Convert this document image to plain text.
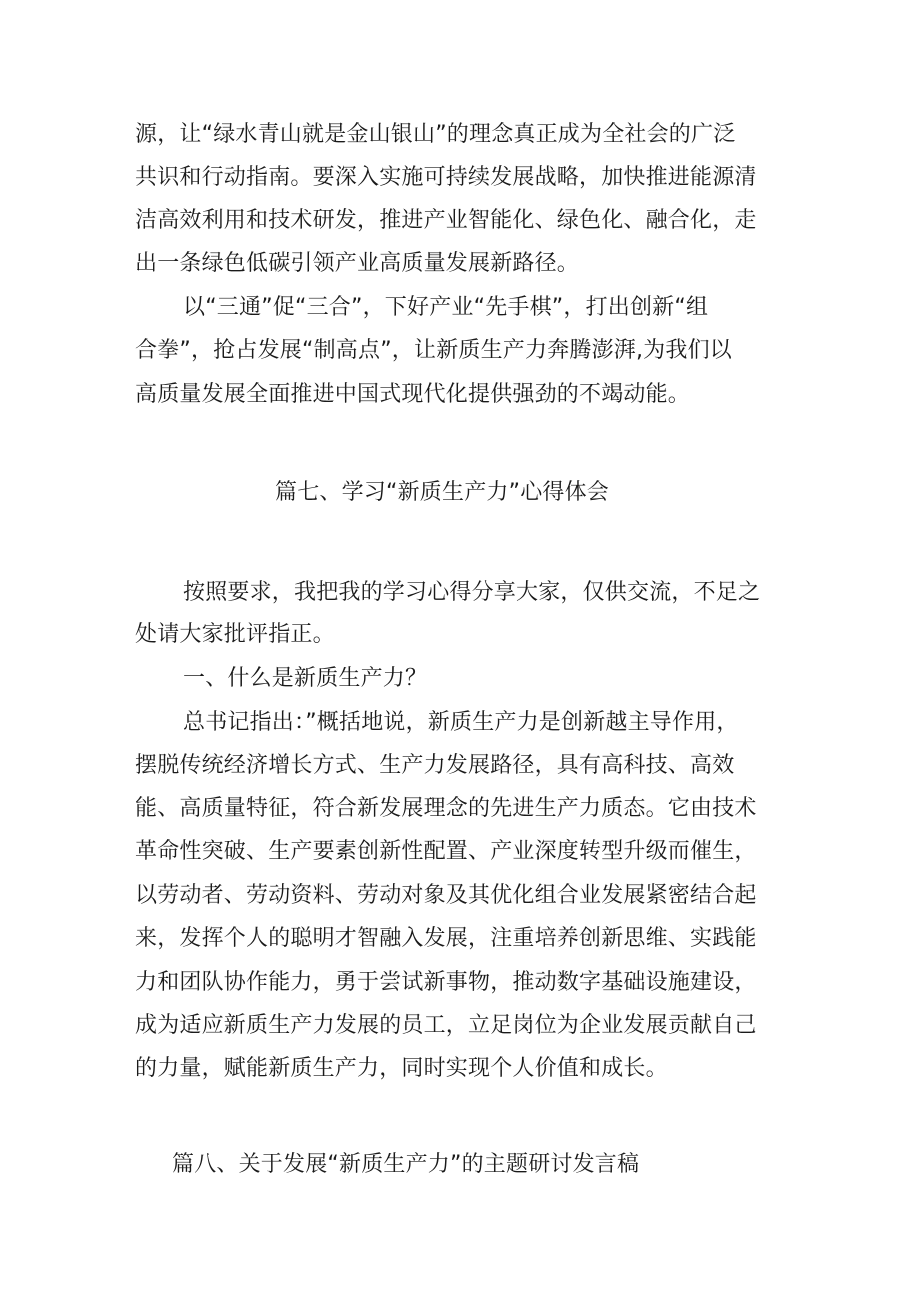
源，让“绿水青山就是金山银山”的理念真正成为全社会的广泛
共识和行动指南。要深入实施可持续发展战略，加快推进能源清
洁高效利用和技术研发，推进产业智能化、绿色化、融合化，走
出一条绿色低碳引领产业高质量发展新路径。
以“三通”促“三合”，下好产业“先手棋”，打出创新“组
合拳”，抢占发展“制高点”，让新质生产力奔腾澎湃,为我们以
高质量发展全面推进中国式现代化提供强劲的不竭动能。
篇七、学习“新质生产力”心得体会
按照要求，我把我的学习心得分享大家，仅供交流，不足之
处请大家批评指正。
一、什么是新质生产力？
总书记指出：”概括地说，新质生产力是创新越主导作用，
摆脱传统经济增长方式、生产力发展路径，具有高科技、高效
能、高质量特征，符合新发展理念的先进生产力质态。它由技术
革命性突破、生产要素创新性配置、产业深度转型升级而催生，
以劳动者、劳动资料、劳动对象及其优化组合业发展紧密结合起
来，发挥个人的聪明才智融入发展，注重培养创新思维、实践能
力和团队协作能力，勇于尝试新事物，推动数字基础设施建设，
成为适应新质生产力发展的员工，立足岗位为企业发展贡献自己
的力量，赋能新质生产力，同时实现个人价值和成长。
篇八、关于发展“新质生产力”的主题研讨发言稿
